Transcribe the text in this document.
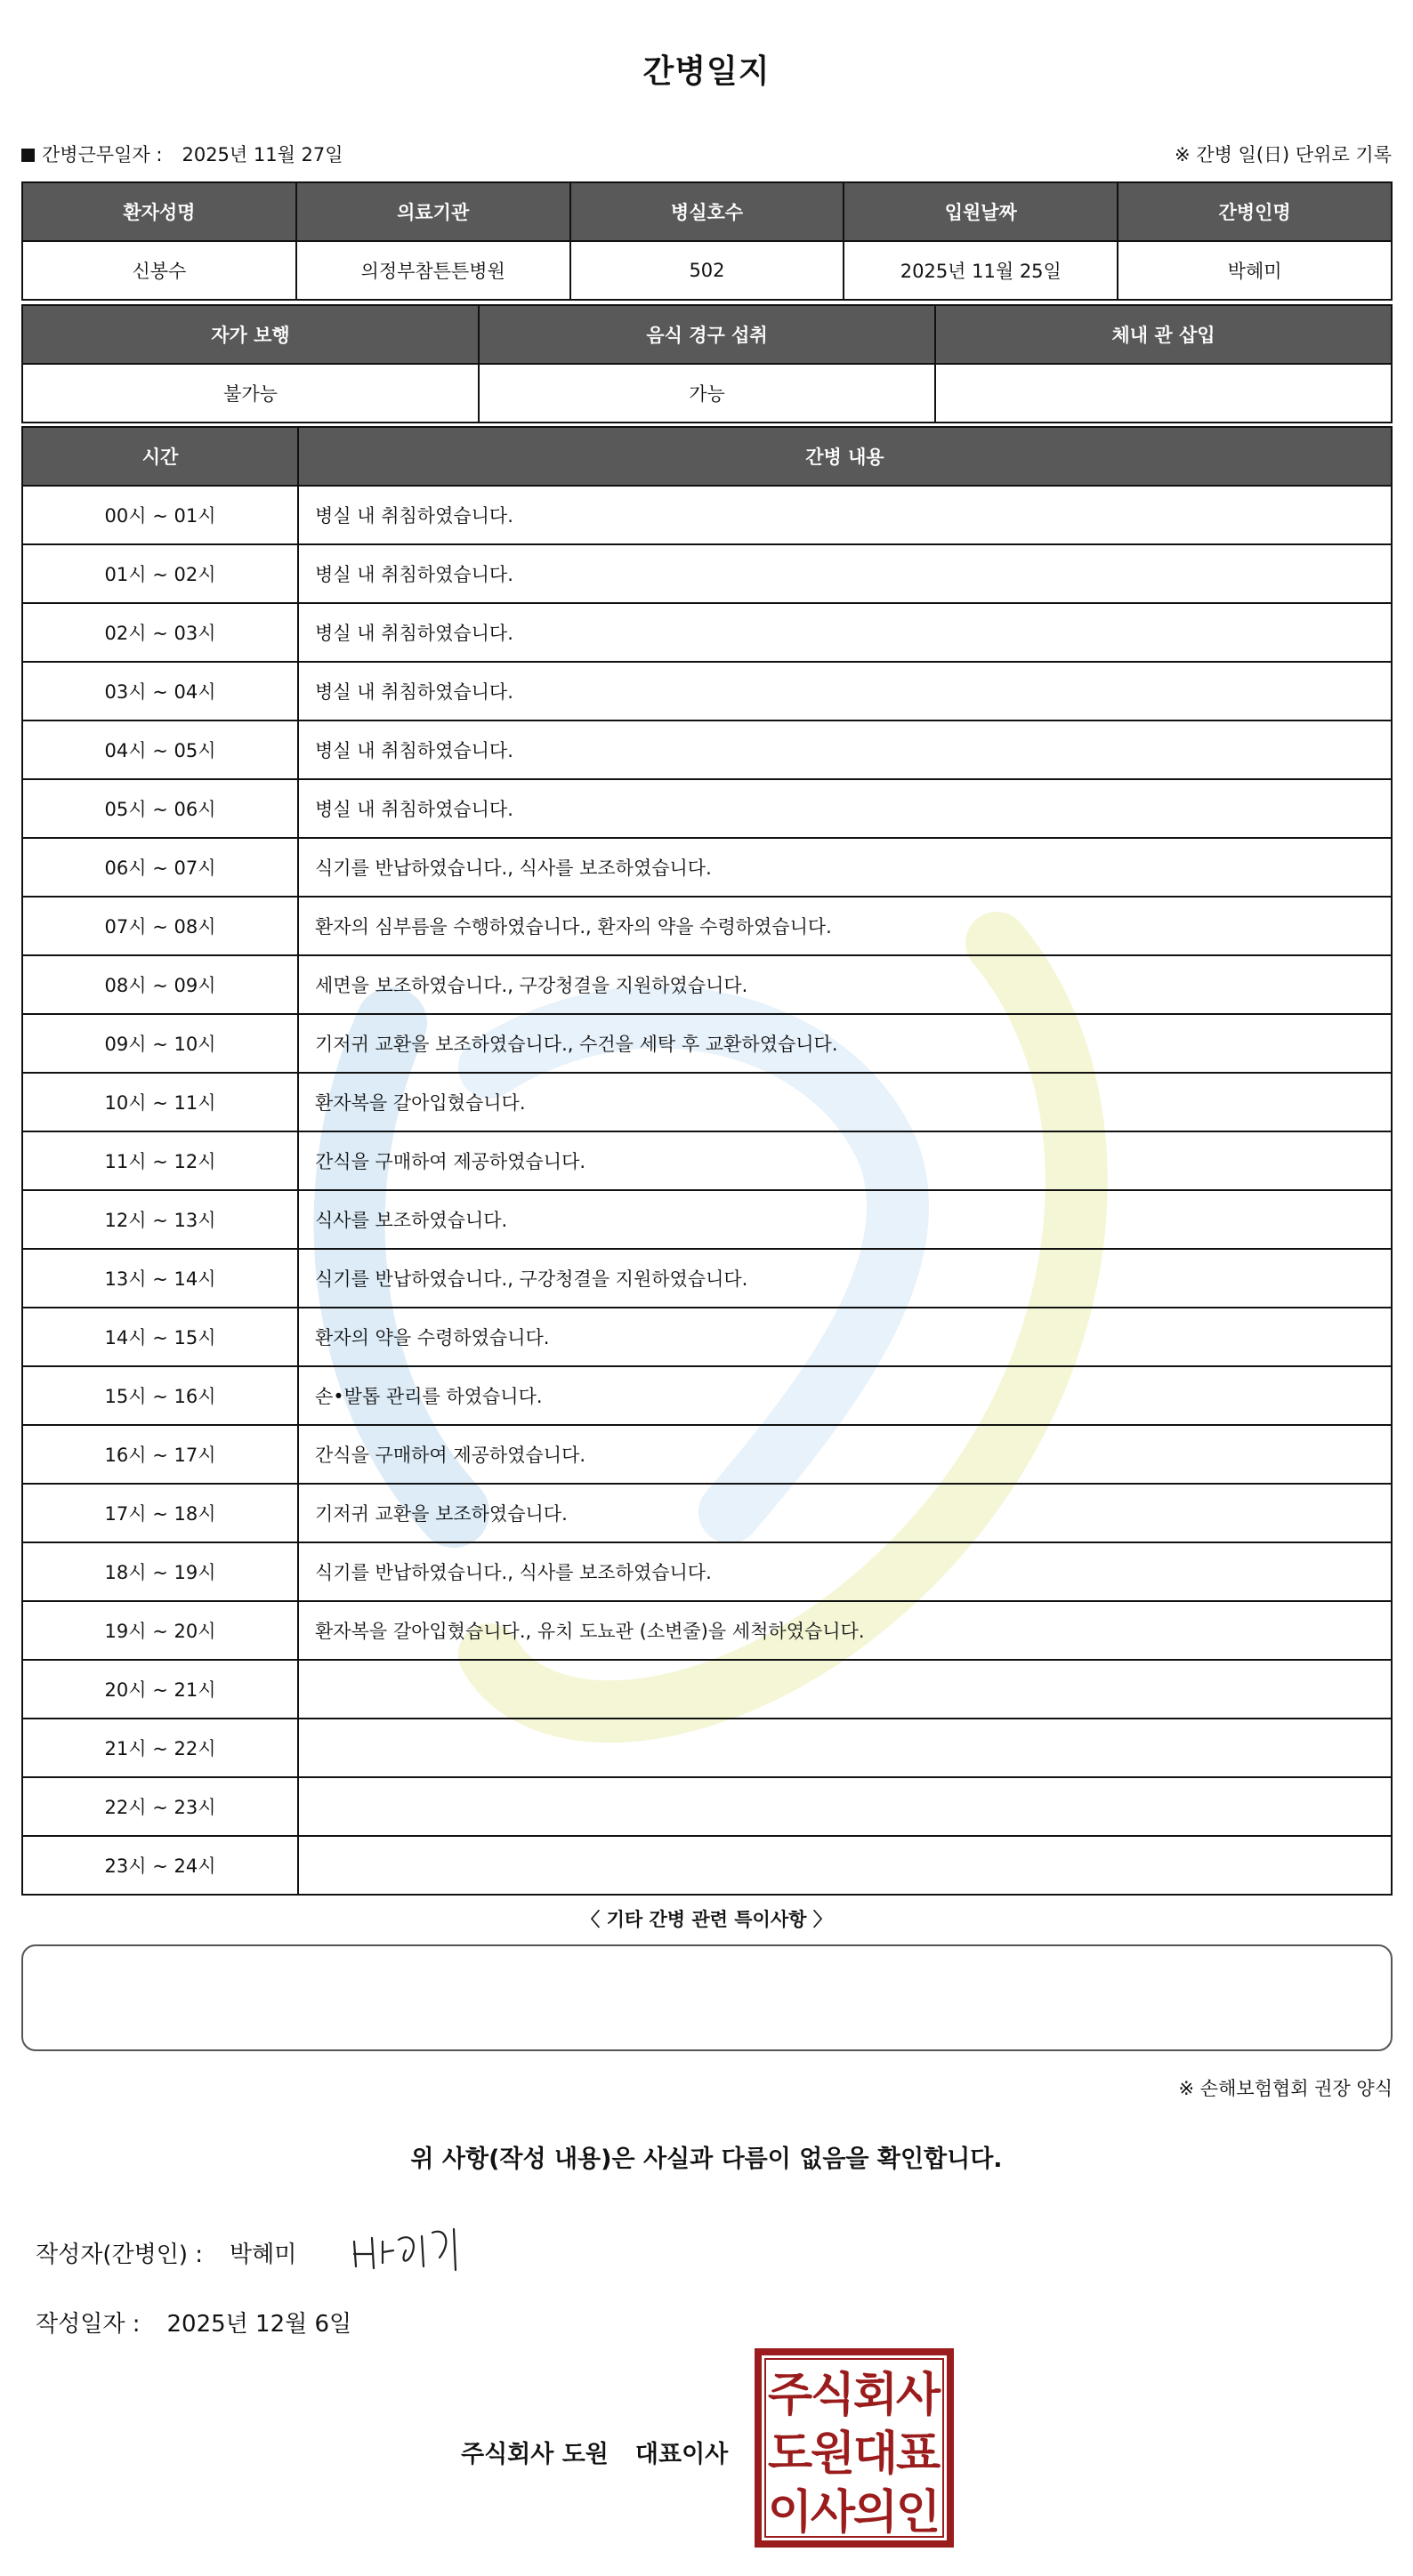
간병일지
간병근무일자 : 2025년 11월 27일	※ 간병 일(日) 단위로 기록
환자성명	의료기관	병실호수	입원날짜	간병인명
신봉수	의정부참튼튼병원	502	2025년 11월 25일	박혜미
자가 보행	음식 경구 섭취	체내 관 삽입
불가능	가능	
시간	간병 내용
00시 ~ 01시	병실 내 취침하였습니다.
01시 ~ 02시	병실 내 취침하였습니다.
02시 ~ 03시	병실 내 취침하였습니다.
03시 ~ 04시	병실 내 취침하였습니다.
04시 ~ 05시	병실 내 취침하였습니다.
05시 ~ 06시	병실 내 취침하였습니다.
06시 ~ 07시	식기를 반납하였습니다., 식사를 보조하였습니다.
07시 ~ 08시	환자의 심부름을 수행하였습니다., 환자의 약을 수령하였습니다.
08시 ~ 09시	세면을 보조하였습니다., 구강청결을 지원하였습니다.
09시 ~ 10시	기저귀 교환을 보조하였습니다., 수건을 세탁 후 교환하였습니다.
10시 ~ 11시	환자복을 갈아입혔습니다.
11시 ~ 12시	간식을 구매하여 제공하였습니다.
12시 ~ 13시	식사를 보조하였습니다.
13시 ~ 14시	식기를 반납하였습니다., 구강청결을 지원하였습니다.
14시 ~ 15시	환자의 약을 수령하였습니다.
15시 ~ 16시	손•발톱 관리를 하였습니다.
16시 ~ 17시	간식을 구매하여 제공하였습니다.
17시 ~ 18시	기저귀 교환을 보조하였습니다.
18시 ~ 19시	식기를 반납하였습니다., 식사를 보조하였습니다.
19시 ~ 20시	환자복을 갈아입혔습니다., 유치 도뇨관 (소변줄)을 세척하였습니다.
20시 ~ 21시	
21시 ~ 22시	
22시 ~ 23시	
23시 ~ 24시	
〈 기타 간병 관련 특이사항 〉
※ 손해보험협회 권장 양식
위 사항(작성 내용)은 사실과 다름이 없음을 확인합니다.
작성자(간병인) : 박혜미
작성일자 : 2025년 12월 6일
주식회사 도원 대표이사
주
식
회
사
도
원
대
표
이
사
의
인
